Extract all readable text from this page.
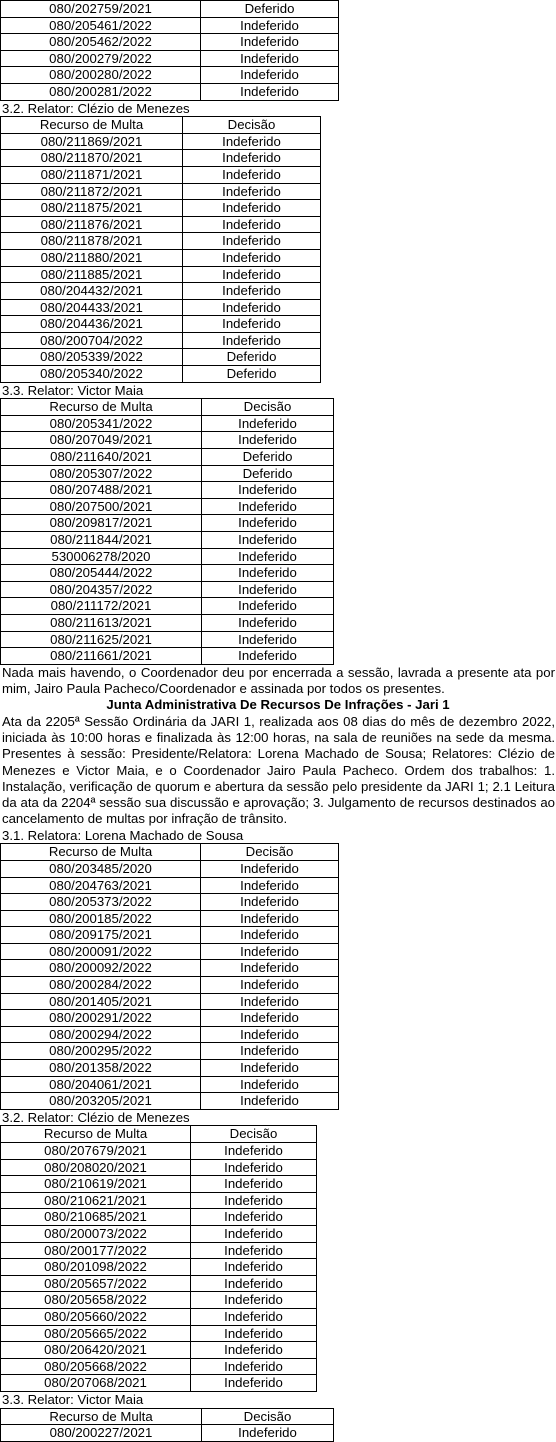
080/202759/2021	Deferido
080/205461/2022	Indeferido
080/205462/2022	Indeferido
080/200279/2022	Indeferido
080/200280/2022	Indeferido
080/200281/2022	Indeferido

3.2. Relator: Clézio de Menezes

Recurso de Multa	Decisão
080/211869/2021	Indeferido
080/211870/2021	Indeferido
080/211871/2021	Indeferido
080/211872/2021	Indeferido
080/211875/2021	Indeferido
080/211876/2021	Indeferido
080/211878/2021	Indeferido
080/211880/2021	Indeferido
080/211885/2021	Indeferido
080/204432/2021	Indeferido
080/204433/2021	Indeferido
080/204436/2021	Indeferido
080/200704/2022	Indeferido
080/205339/2022	Deferido
080/205340/2022	Deferido

3.3. Relator: Victor Maia

Recurso de Multa	Decisão
080/205341/2022	Indeferido
080/207049/2021	Indeferido
080/211640/2021	Deferido
080/205307/2022	Deferido
080/207488/2021	Indeferido
080/207500/2021	Indeferido
080/209817/2021	Indeferido
080/211844/2021	Indeferido
530006278/2020	Indeferido
080/205444/2022	Indeferido
080/204357/2022	Indeferido
080/211172/2021	Indeferido
080/211613/2021	Indeferido
080/211625/2021	Indeferido
080/211661/2021	Indeferido

Nada mais havendo, o Coordenador deu por encerrada a sessão, lavrada a presente ata por mim, Jairo Paula Pacheco/Coordenador e assinada por todos os presentes.

Junta Administrativa De Recursos De Infrações - Jari 1

Ata da 2205ª Sessão Ordinária da JARI 1, realizada aos 08 dias do mês de dezembro 2022, iniciada às 10:00 horas e finalizada às 12:00 horas, na sala de reuniões na sede da mesma. Presentes à sessão: Presidente/Relatora: Lorena Machado de Sousa; Relatores: Clézio de Menezes e Victor Maia, e o Coordenador Jairo Paula Pacheco. Ordem dos trabalhos: 1. Instalação, verificação de quorum e abertura da sessão pelo presidente da JARI 1; 2.1 Leitura da ata da 2204ª sessão sua discussão e aprovação; 3. Julgamento de recursos destinados ao cancelamento de multas por infração de trânsito.

3.1. Relatora: Lorena Machado de Sousa

Recurso de Multa	Decisão
080/203485/2020	Indeferido
080/204763/2021	Indeferido
080/205373/2022	Indeferido
080/200185/2022	Indeferido
080/209175/2021	Indeferido
080/200091/2022	Indeferido
080/200092/2022	Indeferido
080/200284/2022	Indeferido
080/201405/2021	Indeferido
080/200291/2022	Indeferido
080/200294/2022	Indeferido
080/200295/2022	Indeferido
080/201358/2022	Indeferido
080/204061/2021	Indeferido
080/203205/2021	Indeferido

3.2. Relator: Clézio de Menezes

Recurso de Multa	Decisão
080/207679/2021	Indeferido
080/208020/2021	Indeferido
080/210619/2021	Indeferido
080/210621/2021	Indeferido
080/210685/2021	Indeferido
080/200073/2022	Indeferido
080/200177/2022	Indeferido
080/201098/2022	Indeferido
080/205657/2022	Indeferido
080/205658/2022	Indeferido
080/205660/2022	Indeferido
080/205665/2022	Indeferido
080/206420/2021	Indeferido
080/205668/2022	Indeferido
080/207068/2021	Indeferido

3.3. Relator: Victor Maia

Recurso de Multa	Decisão
080/200227/2021	Indeferido
